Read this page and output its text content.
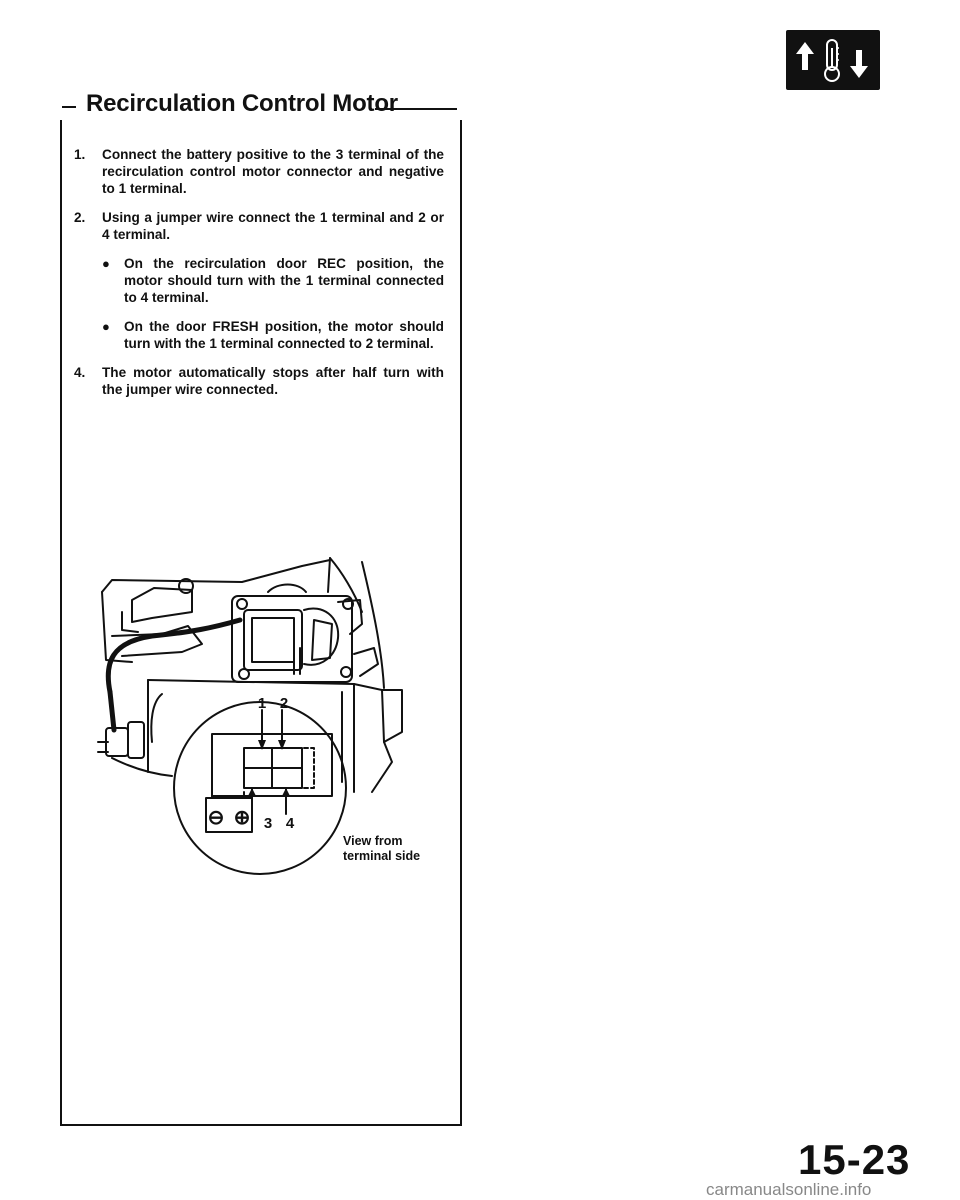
Recirculation Control Motor
1.	Connect the battery positive to the 3 terminal of the recirculation control motor connector and negative to 1 terminal.
2.	Using a jumper wire connect the 1 terminal and 2 or 4 terminal.
●	On the recirculation door REC position, the motor should turn with the 1 terminal connected to 4 terminal.
●	On the door FRESH position, the motor should turn with the 1 terminal connected to 2 terminal.
4.	The motor automatically stops after half turn with the jumper wire connected.
1 2
3 4
⊖ ⊕
View from
terminal side
15-23
carmanualsonline.info
